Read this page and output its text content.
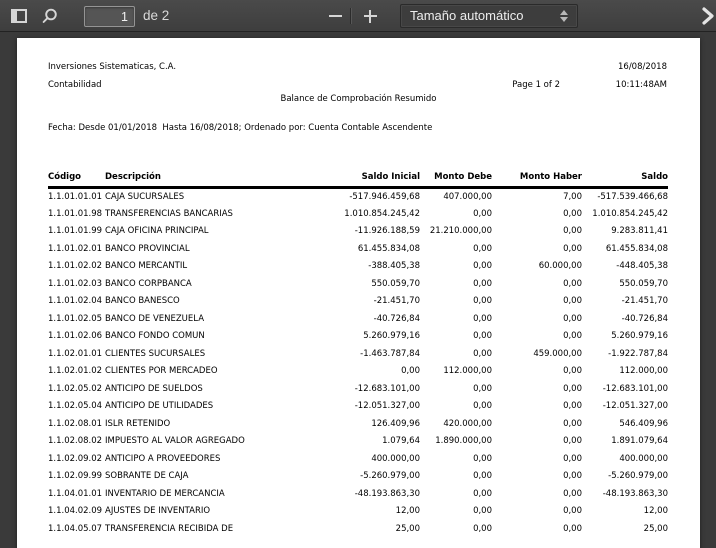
1
de 2	Tamaño automático
Inversiones Sistematicas, C.A.	16/08/2018
Contabilidad	Page 1 of 2	10:11:48AM
Balance de Comprobación Resumido
Fecha: Desde 01/01/2018  Hasta 16/08/2018; Ordenado por: Cuenta Contable Ascendente
Código	Descripción	Saldo Inicial	Monto Debe	Monto Haber	Saldo
1.1.01.01.01	CAJA SUCURSALES	-517.946.459,68	407.000,00	7,00	-517.539.466,68
1.1.01.01.98	TRANSFERENCIAS BANCARIAS	1.010.854.245,42	0,00	0,00	1.010.854.245,42
1.1.01.01.99	CAJA OFICINA PRINCIPAL	-11.926.188,59	21.210.000,00	0,00	9.283.811,41
1.1.01.02.01	BANCO PROVINCIAL	61.455.834,08	0,00	0,00	61.455.834,08
1.1.01.02.02	BANCO MERCANTIL	-388.405,38	0,00	60.000,00	-448.405,38
1.1.01.02.03	BANCO CORPBANCA	550.059,70	0,00	0,00	550.059,70
1.1.01.02.04	BANCO BANESCO	-21.451,70	0,00	0,00	-21.451,70
1.1.01.02.05	BANCO DE VENEZUELA	-40.726,84	0,00	0,00	-40.726,84
1.1.01.02.06	BANCO FONDO COMUN	5.260.979,16	0,00	0,00	5.260.979,16
1.1.02.01.01	CLIENTES SUCURSALES	-1.463.787,84	0,00	459.000,00	-1.922.787,84
1.1.02.01.02	CLIENTES POR MERCADEO	0,00	112.000,00	0,00	112.000,00
1.1.02.05.02	ANTICIPO DE SUELDOS	-12.683.101,00	0,00	0,00	-12.683.101,00
1.1.02.05.04	ANTICIPO DE UTILIDADES	-12.051.327,00	0,00	0,00	-12.051.327,00
1.1.02.08.01	ISLR RETENIDO	126.409,96	420.000,00	0,00	546.409,96
1.1.02.08.02	IMPUESTO AL VALOR AGREGADO	1.079,64	1.890.000,00	0,00	1.891.079,64
1.1.02.09.02	ANTICIPO A PROVEEDORES	400.000,00	0,00	0,00	400.000,00
1.1.02.09.99	SOBRANTE DE CAJA	-5.260.979,00	0,00	0,00	-5.260.979,00
1.1.04.01.01	INVENTARIO DE MERCANCIA	-48.193.863,30	0,00	0,00	-48.193.863,30
1.1.04.02.09	AJUSTES DE INVENTARIO	12,00	0,00	0,00	12,00
1.1.04.05.07	TRANSFERENCIA RECIBIDA DE	25,00	0,00	0,00	25,00
